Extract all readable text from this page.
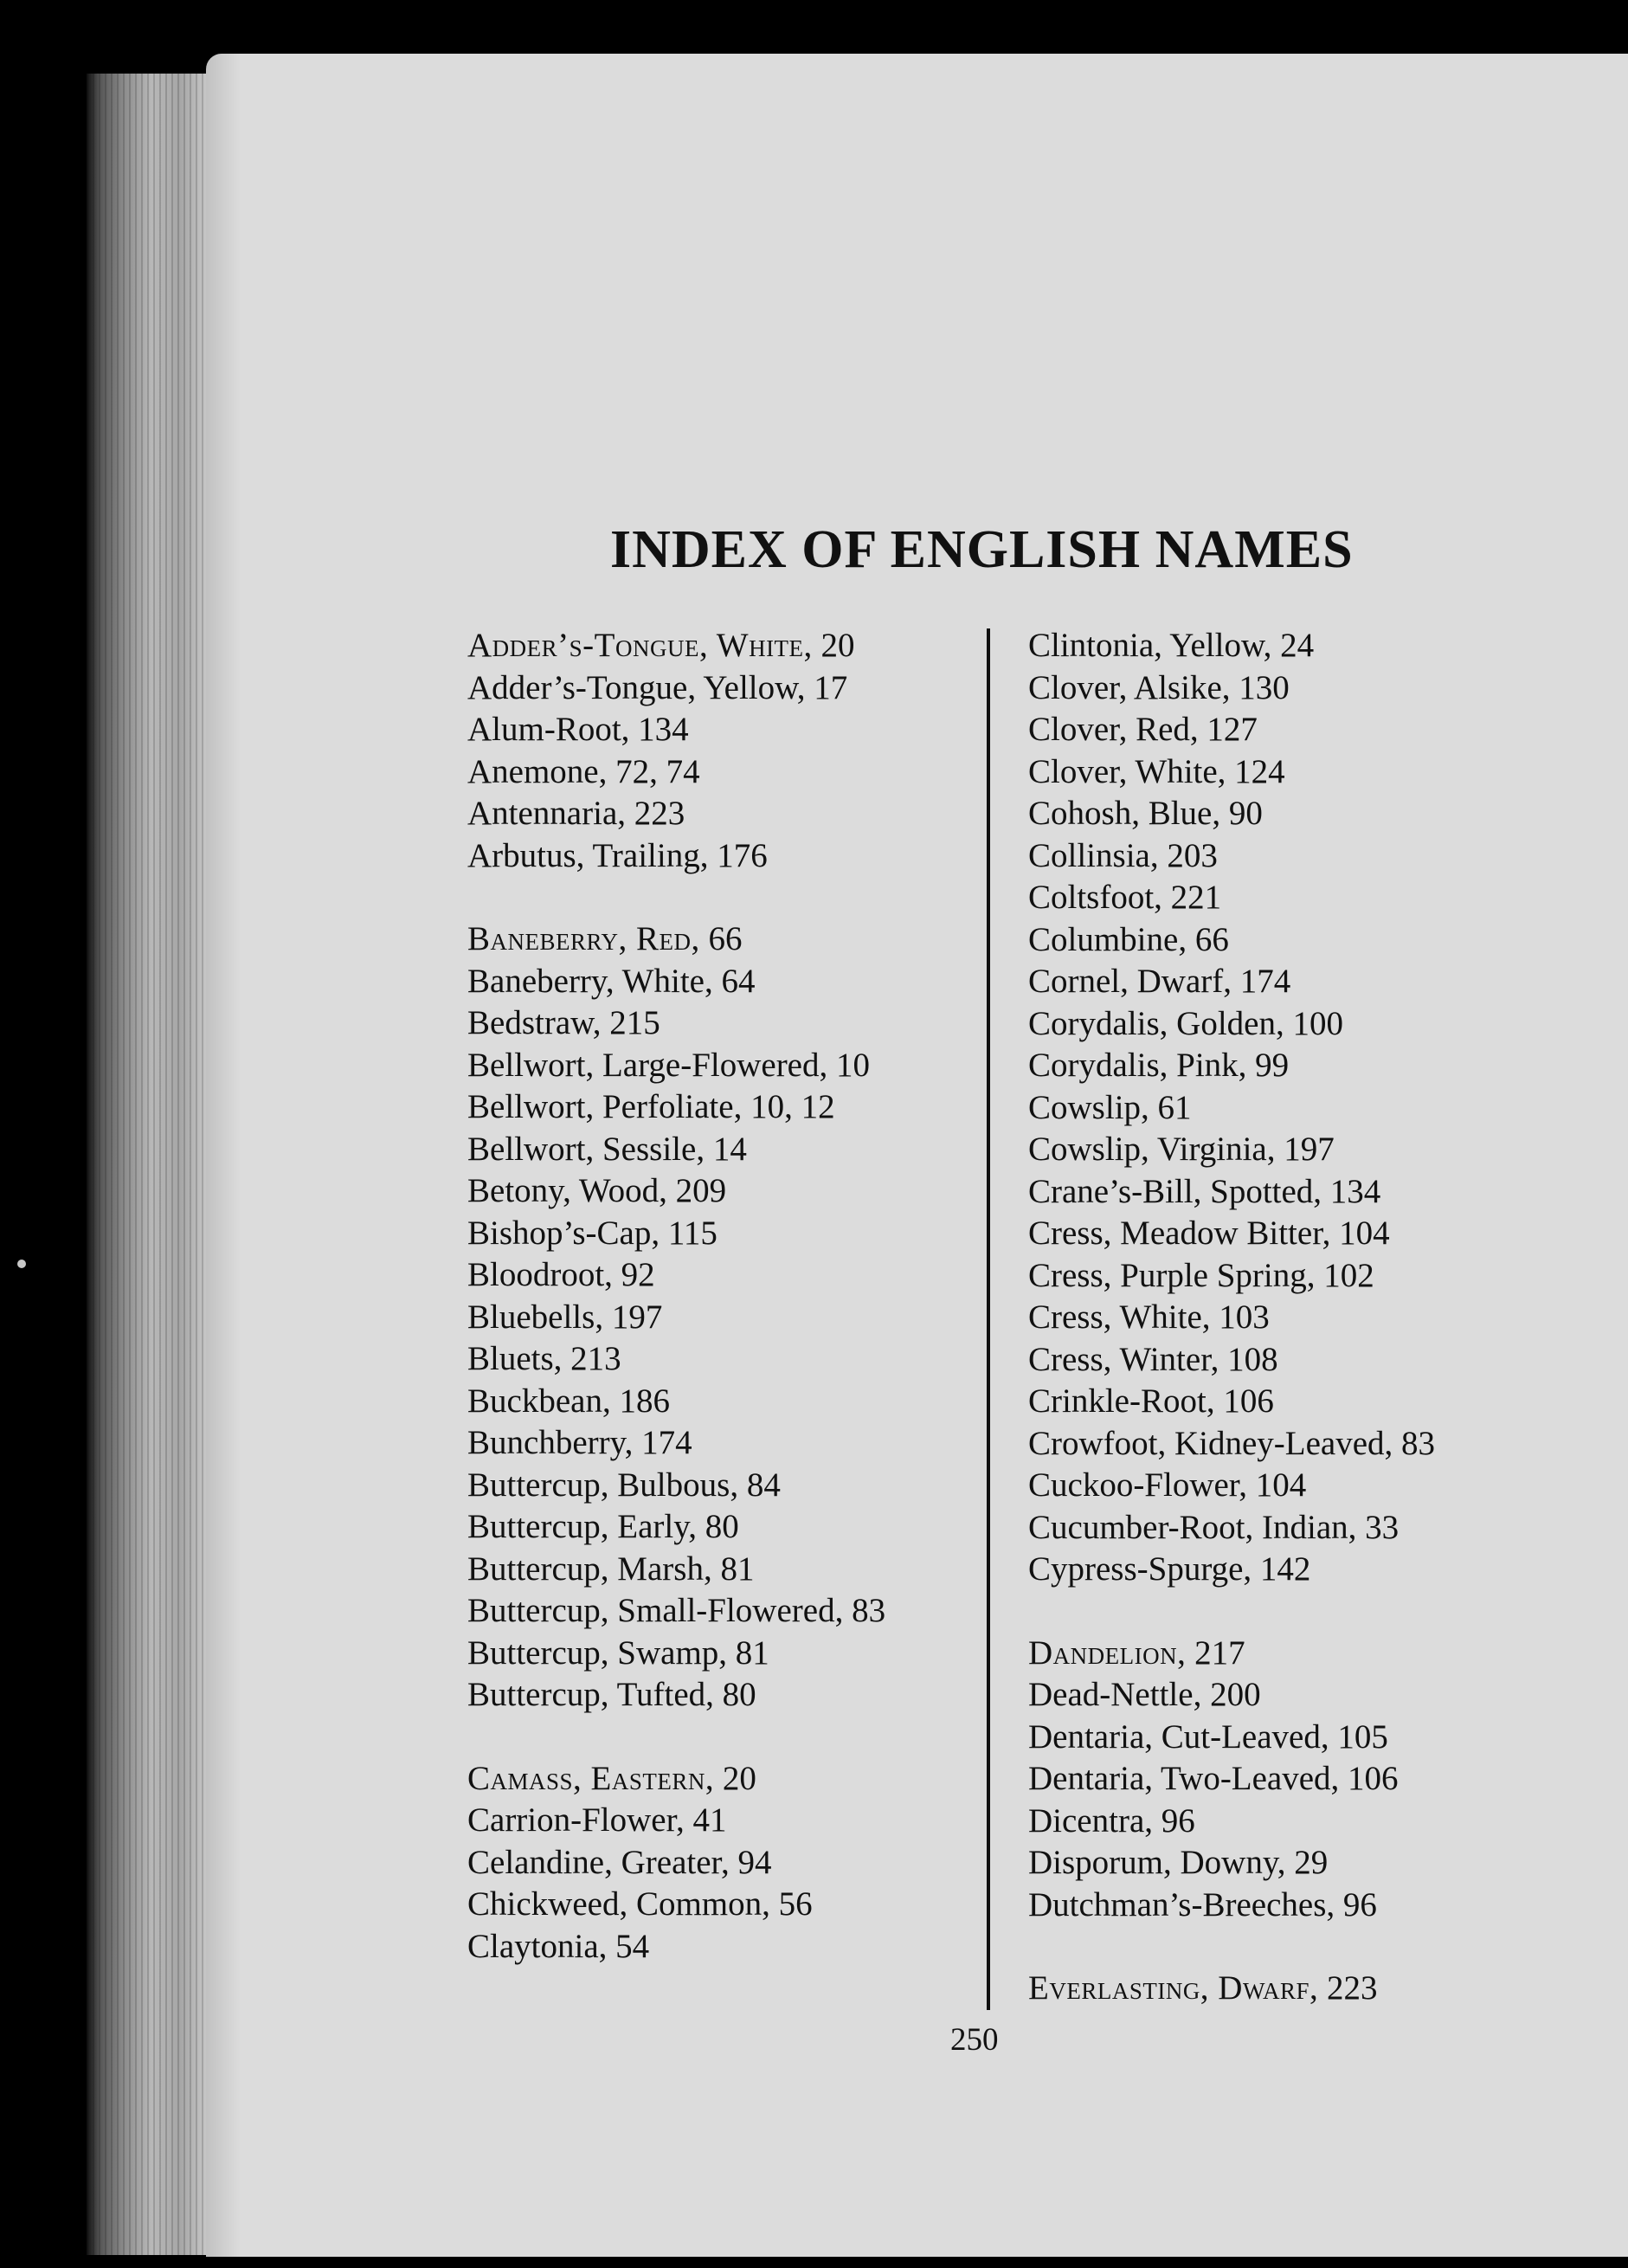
INDEX OF ENGLISH NAMES
Adder’s-Tongue, White, 20
Adder’s-Tongue, Yellow, 17
Alum-Root, 134
Anemone, 72, 74
Antennaria, 223
Arbutus, Trailing, 176
Baneberry, Red, 66
Baneberry, White, 64
Bedstraw, 215
Bellwort, Large-Flowered, 10
Bellwort, Perfoliate, 10, 12
Bellwort, Sessile, 14
Betony, Wood, 209
Bishop’s-Cap, 115
Bloodroot, 92
Bluebells, 197
Bluets, 213
Buckbean, 186
Bunchberry, 174
Buttercup, Bulbous, 84
Buttercup, Early, 80
Buttercup, Marsh, 81
Buttercup, Small-Flowered, 83
Buttercup, Swamp, 81
Buttercup, Tufted, 80
Camass, Eastern, 20
Carrion-Flower, 41
Celandine, Greater, 94
Chickweed, Common, 56
Claytonia, 54
Clintonia, Yellow, 24
Clover, Alsike, 130
Clover, Red, 127
Clover, White, 124
Cohosh, Blue, 90
Collinsia, 203
Coltsfoot, 221
Columbine, 66
Cornel, Dwarf, 174
Corydalis, Golden, 100
Corydalis, Pink, 99
Cowslip, 61
Cowslip, Virginia, 197
Crane’s-Bill, Spotted, 134
Cress, Meadow Bitter, 104
Cress, Purple Spring, 102
Cress, White, 103
Cress, Winter, 108
Crinkle-Root, 106
Crowfoot, Kidney-Leaved, 83
Cuckoo-Flower, 104
Cucumber-Root, Indian, 33
Cypress-Spurge, 142
Dandelion, 217
Dead-Nettle, 200
Dentaria, Cut-Leaved, 105
Dentaria, Two-Leaved, 106
Dicentra, 96
Disporum, Downy, 29
Dutchman’s-Breeches, 96
Everlasting, Dwarf, 223

250
